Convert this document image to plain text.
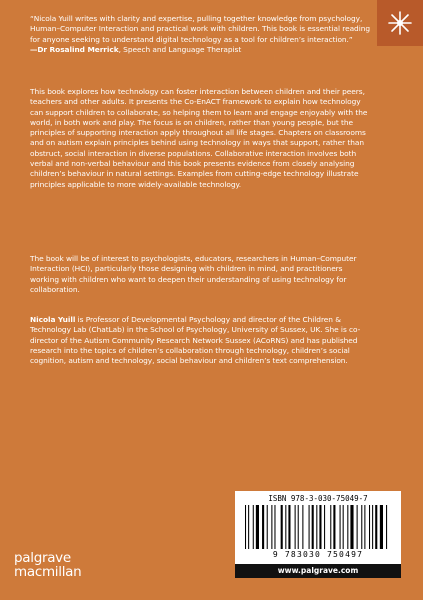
“Nicola Yuill writes with clarity and expertise, pulling together knowledge from psychology, Human–Computer Interaction and practical work with children. This book is essential reading for anyone seeking to understand digital technology as a tool for children’s interaction.”
—Dr Rosalind Merrick, Speech and Language Therapist
This book explores how technology can foster interaction between children and their peers, teachers and other adults. It presents the Co-EnACT framework to explain how technology can support children to collaborate, so helping them to learn and engage enjoyably with the world, in both work and play. The focus is on children, rather than young people, but the principles of supporting interaction apply throughout all life stages. Chapters on classrooms and on autism explain principles behind using technology in ways that support, rather than obstruct, social interaction in diverse populations. Collaborative interaction involves both verbal and non-verbal behaviour and this book presents evidence from closely analysing children’s behaviour in natural settings. Examples from cutting-edge technology illustrate principles applicable to more widely-available technology.
The book will be of interest to psychologists, educators, researchers in Human–Computer Interaction (HCI), particularly those designing with children in mind, and practitioners working with children who want to deepen their understanding of using technology for collaboration.
Nicola Yuill is Professor of Developmental Psychology and director of the Children & Technology Lab (ChatLab) in the School of Psychology, University of Sussex, UK. She is co-director of the Autism Community Research Network Sussex (ACoRNS) and has published research into the topics of children’s collaboration through technology, children’s social cognition, autism and technology, social behaviour and children’s text comprehension.
ISBN 978-3-030-75049-7
9 783030 750497
www.palgrave.com
palgrave
macmillan
